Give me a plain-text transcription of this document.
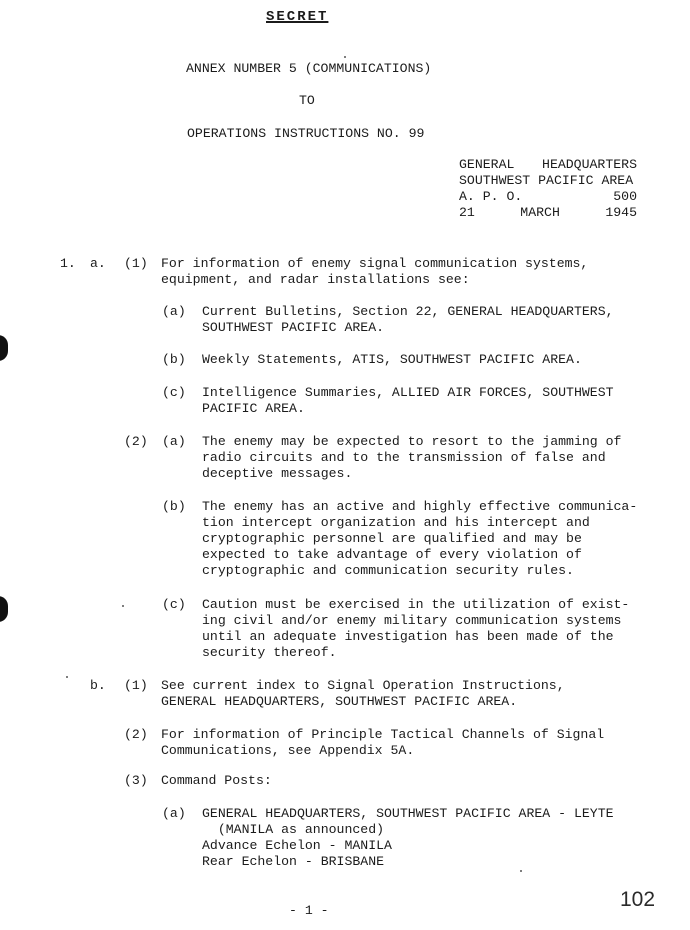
SECRET
ANNEX NUMBER 5 (COMMUNICATIONS)
TO
OPERATIONS INSTRUCTIONS NO. 99
GENERAL HEADQUARTERS
SOUTHWEST PACIFIC AREA
A. P. O.	500
21	MARCH	1945
1. a. (1) For information of enemy signal communication systems,
equipment, and radar installations see:
(a) Current Bulletins, Section 22, GENERAL HEADQUARTERS,
SOUTHWEST PACIFIC AREA.
(b) Weekly Statements, ATIS, SOUTHWEST PACIFIC AREA.
(c) Intelligence Summaries, ALLIED AIR FORCES, SOUTHWEST
PACIFIC AREA.
(2) (a) The enemy may be expected to resort to the jamming of
radio circuits and to the transmission of false and
deceptive messages.
(b) The enemy has an active and highly effective communica-
tion intercept organization and his intercept and
cryptographic personnel are qualified and may be
expected to take advantage of every violation of
cryptographic and communication security rules.
(c) Caution must be exercised in the utilization of exist-
ing civil and/or enemy military communication systems
until an adequate investigation has been made of the
security thereof.
b. (1) See current index to Signal Operation Instructions,
GENERAL HEADQUARTERS, SOUTHWEST PACIFIC AREA.
(2) For information of Principle Tactical Channels of Signal
Communications, see Appendix 5A.
(3) Command Posts:
(a) GENERAL HEADQUARTERS, SOUTHWEST PACIFIC AREA - LEYTE
(MANILA as announced)
Advance Echelon - MANILA
Rear Echelon - BRISBANE
- 1 -	102
